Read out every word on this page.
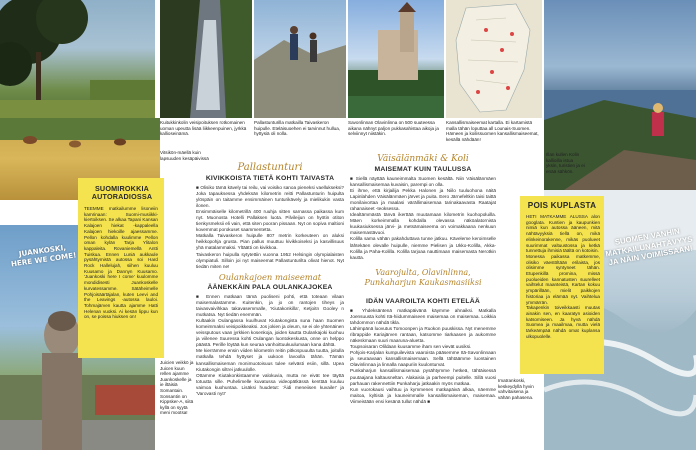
JUANKOSKI,
HERE WE COME!
SUOMIROKKIA AUTORADIOSSA
TEEMME matkailumme lisoneiin kamrinaan: Suomi-musiikki-kiertoiksen. Se alkaa Tapani Kansan Kalajoen hiekat -kappaleella Kalajoen hiekoille ajaessamme. Pellon kohdalla kuulimme Pellon oman kylän Tarja Ylitalon kappaleita. Rovaniemellä Antti Tuiskua. Ennen Luniä aukkaule pysähtymistä autossa soi Hard Rock Hallelujah, siihen kuuluu Kuusamo ja Dannyn Kuusamo. 'Juankoski here I come' kuulomme mondidisesti Juankoskelle kurvatessamme. Sätäheimelle Pohjoisäärtäjalan, kuten Leevi and the Leavings -autossa lauloi. Tohmajärven kautta ajamme Hatti Helenan vuoksi. Ai kesän lippu kun on, se poissa hiuksen on!
Juicien veikkö ja Juicen kuun rellen ajamme Juankoskelle ja ie iltäisiä Somantain. Sonsantin on Kippsker-A, siitä kyllä on syytä meni mootsa!
Kuitukkinkolin veisipoituksen rotkomainen uoman upeutta lisää liikkeenpuinen, jyrkkä kallioseinämä.
Pallastunturilla matkailla Taivaskeron huipulle. Eteläisuoehen ei tarvinnut hullua, hyttysiä oli nolla.
Savonlinnan Olavinlinna on 500 suuteessa aikana nähnyt paljon pukkasahistaa aikoja ja selviinnyt niistäkin.
Kansallismaiseemat kartalla. Ei kartamistä malla tähän loputtaa all Lounais-Suomen. Hämeen ja koilissuomen kansallismaiseemat, kesällä nähdään!
Vitsikön-mäellä kuin lapsuuden kesäpäivissä
Pallastunturi
KIVIKKOISTA TIETÄ KOHTI TAIVASTA
■ Olisiko tämä kävely tai reilu, vai voisiko sanoa pieneksi vaellukseksi? Joka tapauksessa yhdeksän kilometrin reitti Pallastunturin huipulta ylöspäin on taitamme ensimmäinen tunturikävely ja mielikukin vasta ilonen.
Ensimmäiselle kilometrillä 400 ruuhja sitten sarnassa paikassa kum nyt. Muonosta Hotelli Pallaksen luota. Pilvileijun on hyötin otiton tienkysmeksii eli vain, että siten pooran pissaan. Nyt on sopiva maltioni kovemmat porokuset saammentetta.
Matkalla Taivaskeron huipulle 807 metrin korkeuteen on aluksi heikkopohja grusta. Pian pallus muuttuu kivikkoiseksi ja kasvillisuus yhä matalammaksi. Yltäätti on kivikkoa.
Taivaskeron huipulla sytytettiin vuonna 1952 Helsingin olympialaisten olympiatuli. Silloin joi nyt maiseemat Pallastunturilta olivat hienot. Nyt tiedän miten ne!
Oulankajoen maiseemat
ÄÄNEKKÄIN PALA OULANKAJOKEA
■ Ennen matkaan tämä puoliseni pohti, että toteaan vilaan maisemalastamme. Kuitenkin, ja jo on rantojen tiheys ja taivasvaivihkaa takavasemmalle, 'Kiutakonkilla', Ketjoitn Gooley n mutkatsa. Nyt tiedän enemmän.
Kultaakin Oulangassa kuulhuvat Kiutakongista suna haan Suomen komeimmaksi veisipoikkeaksi. Jos jokien ja oleum, se ei ole yhtenäinen veissputous vaan jyrkkien kosenkoja, joiden kautta Oulankajoki kuohuu ja viilenee Suuressa kohti Oulangan luontokeskusta, onne on helppo päästä. Perille löytää kun seuraa vanhoittuukuulumaan kana dähtä.
Me kierrämme ensin viiden kilometrin reitin pitkospuuulta tuutta, joitulla matkalla tehdä hyttyset ja uukoon lavoolla tähän. Tämän kansallismaiseman monimuotoisuus tulee selvästi esiin, sillä. Upea Kiutakongin siltrei jatkuulolle.
Ottamme Kiutakonkistaamme valokuvia, mutta ne eivät tee täyttä totuutta sille. Puhelimelle kuvatussa videopätkässä kenttää kuuluu vaimoa kuohuntaa. Lisäksi huudetut: 'Äidi meneiisen kuvaile!' ja 'Varovasti nyt!'
Väisälänmäki & Koli
MAISEMAT KUIN TAULUSSA
■ Siellä näyttää kauneimmalta Suomen kesältä. Niin Väisälänmäen kansallismaisemaa kuvaisin, parempi on olla.
Ei ihme, että kirjailija Pekka Halonen ja Niilo tuuluohona näitä Lapinlahden Väisälänmäen järvet ja puita. Eero Järnefeltkin taisi taittä monilaivortaa ja maalasi värällimaisemaa tarinakaavasta Raatajat rahanaiseet -teoksessa.
Idealtämmästä tänvä ikerttää muutamaan kilometrin kuohopoluilla. Mäen korkeimmalla kohdalla olevassa näköalatornista kuukasiuksessa järvi- ja metsämaiseema on voimakkaana nenkuun maisemastävuoi.
Kolilla sama vähän pakahduttava tunne jatkuu. Käveleme keroimselle lähtekäen olevalle huipulle, niemme Pielisen ja Ukko-Kolilla, Akka-Kolilla ja Paha-Kolilla. Kolilla tarjoaa nauttimaan maisemasta Nerotkin kautta.
Vaarojulta, Olavinlinna, Punkaharjun Kaukasmasiiksi
IDÄN VAAROILTA KOHTI ETELÄÄ
■ Yhdeksäntenä matkapäivänä käymme ahnaiksi. Matkalla Joensuusta kohti Itä-hiidummaiseen maisemaa on maisemaa. Loikkia tahdommon nähdä tikla.
Lähimpänä luovutus Tomoonpen ja Ruokon puuskissa. Nyt menemme ribrappide Kariajärven rantaan, katsomme Iiarkaasen ja aukomme näkeskmaan suuri maaruna-aluetta.
Toupsoisaran Olildaan kuusamme iham sen vievät uusiksi.
Pohjois-Karjalan kumpuilevista vaaroista pääsemme Itä-Savonlinnaan ja seuraavaan kansallismaisemaan. Sellä tähtäämme luontainen Olavinlinnaa ja linnalla naapuriin kuulonturvat.
Punkaharjun kansallismaisemaa pysähtymme hetkeä, tähtäisessä puutaajana kaltausneltan. Alakaisia ja parheempi puitelle. Sillä vuosi parhauan rakennettiin Punkaharju jatkaakin myös matkaa.
Kun vuorokausi vaihtuu ja kymmenes matkapäivä alkaa, näemme maitoa, kyltisiä ja kauneimmalle kansallismaiseman, maisemaa. Viimeistään ensi kesänä tullut nähdä ■
Illan kullen Kolin kallioilla istua yksin, turistien ja ei enää sähkön.
SUOMEN VANHIN MATKAILUNÄHTÄVYYS JA NÄIN VOIMISSAAN!
POIS KUPLASTA
HETI MATKAMME ALUSSA alon googlata. Kuntien ja kaupunkien nimiä kun autossa ääneen, mitä nähtävyyksiä tiellä on, mikä elinkeinorakenne, mikäs puolueet suurimmat valtuustossa ja ketkä tunnettuja ihmisiä täältä on kotoisin.
Monessa paikassa matkemme, olisiko väestöltään erilaista, jos olisimme syntyneet tähän. Etupenkillä promina, missä puolueiden kannatusten suurelleet vaihtelut maanteistä, Kartan kokuu ympärillään, mielit paikkojen historiaa ja elämää nyt. Vaihtelua ymmärrän.
Takapenkin toiveikkaasti muutas ainakin sen, en kaaratyn asioiden katsomiseen. Ja hyvä nähdä Suomea ja maailmaa, mutta vielä tärkeämpää nähdä omat kuplansa ulkopuolelle.
Imatrankoski, keskeydyllä hyvin vahvitaisena ja vähän pahasena.
